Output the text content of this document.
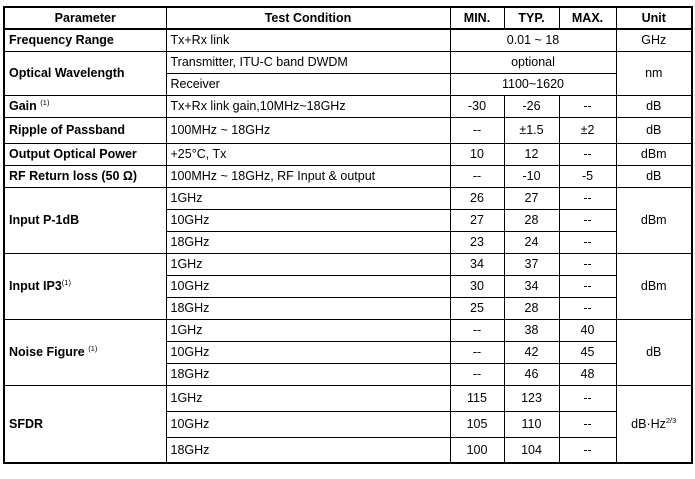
Parameter	Test Condition	MIN.	TYP.	MAX.	Unit
Frequency Range	Tx+Rx link	0.01 ~ 18			GHz
Optical Wavelength	Transmitter, ITU-C band DWDM	optional			nm
	Receiver	1100~1620			
Gain $^{(1)}$	Tx+Rx link gain,10MHz~18GHz	-30	-26	--	dB
Ripple of Passband	100MHz ~ 18GHz	--	±1.5	±2	dB
Output Optical Power	+25°C, Tx	10	12	--	dBm
RF Return loss (50 Ω)	100MHz ~ 18GHz, RF Input & output	--	-10	-5	dB
Input P-1dB	1GHz	26	27	--	dBm
	10GHz	27	28	--	
	18GHz	23	24	--	
Input IP3$^{(1)}$	1GHz	34	37	--	dBm
	10GHz	30	34	--	
	18GHz	25	28	--	
Noise Figure $^{(1)}$	1GHz	--	38	40	dB
	10GHz	--	42	45	
	18GHz	--	46	48	
SFDR	1GHz	115	123	--	$dB\cdot Hz^{2/3}$
	10GHz	105	110	--	
	18GHz	100	104	--	
